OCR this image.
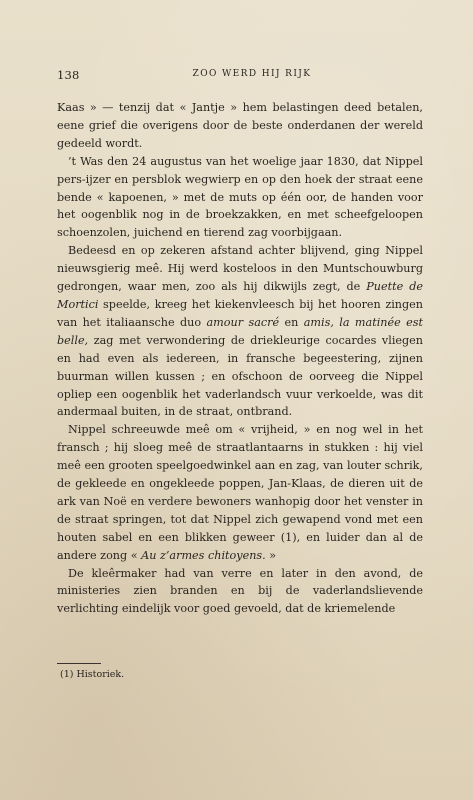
138	ZOO WERD HIJ RIJK

Kaas » — tenzij dat « Jantje » hem belastingen deed betalen, eene grief die overigens door de beste onderdanen der wereld gedeeld wordt.

’t Was den 24 augustus van het woelige jaar 1830, dat Nippel pers-ijzer en persblok wegwierp en op den hoek der straat eene bende « kapoenen, » met de muts op één oor, de handen voor het oogenblik nog in de broekzakken, en met scheefgeloopen schoenzolen, juichend en tierend zag voorbijgaan.

Bedeesd en op zekeren afstand achter blijvend, ging Nippel nieuwsgierig meê. Hij werd kosteloos in den Muntschouwburg gedrongen, waar men, zoo als hij dikwijls zegt, de Puette de Mortici speelde, kreeg het kiekenvleesch bij het hooren zingen van het italiaansche duo amour sacré en amis, la matinée est belle, zag met verwondering de driekleurige cocardes vliegen en had even als iedereen, in fransche begeestering, zijnen buurman willen kussen ; en ofschoon de oorveeg die Nippel opliep een oogenblik het vaderlandsch vuur verkoelde, was dit andermaal buiten, in de straat, ontbrand.

Nippel schreeuwde meê om « vrijheid, » en nog wel in het fransch ; hij sloeg meê de straatlantaarns in stukken : hij viel meê een grooten speelgoedwinkel aan en zag, van louter schrik, de gekleede en ongekleede poppen, Jan-Klaas, de dieren uit de ark van Noë en verdere bewoners wanhopig door het venster in de straat springen, tot dat Nippel zich gewapend vond met een houten sabel en een blikken geweer (1), en luider dan al de andere zong « Au z’armes chitoyens. »

De kleêrmaker had van verre en later in den avond, de ministeries zien branden en bij de vaderlandslievende verlichting eindelijk voor goed gevoeld, dat de kriemelende

(1) Historiek.
